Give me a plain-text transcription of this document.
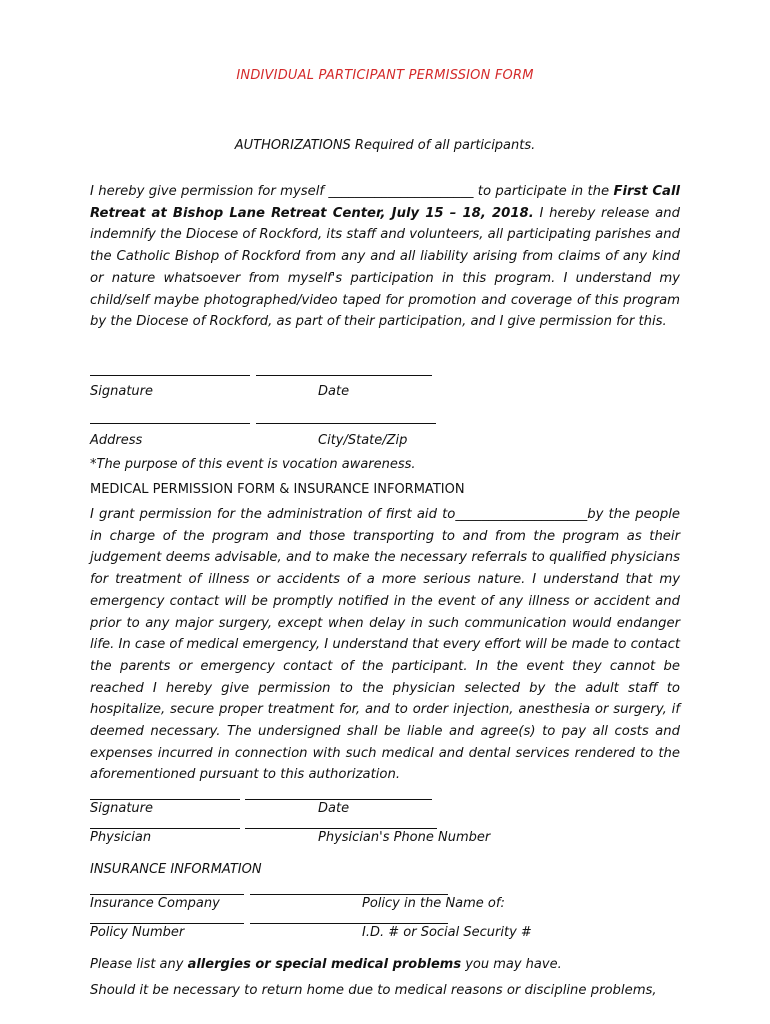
INDIVIDUAL PARTICIPANT PERMISSION FORM
AUTHORIZATIONS Required of all participants.

I hereby give permission for myself ______________________ to participate in the First Call Retreat at Bishop Lane Retreat Center, July 15 – 18, 2018. I hereby release and indemnify the Diocese of Rockford, its staff and volunteers, all participating parishes and the Catholic Bishop of Rockford from any and all liability arising from claims of any kind or nature whatsoever from myself's participation in this program. I understand my child/self maybe photographed/video taped for promotion and coverage of this program by the Diocese of Rockford, as part of their participation, and I give permission for this.

Signature	Date
Address	City/State/Zip
*The purpose of this event is vocation awareness.
MEDICAL PERMISSION FORM & INSURANCE INFORMATION

I grant permission for the administration of first aid to____________________by the people in charge of the program and those transporting to and from the program as their judgement deems advisable, and to make the necessary referrals to qualified physicians for treatment of illness or accidents of a more serious nature. I understand that my emergency contact will be promptly notified in the event of any illness or accident and prior to any major surgery, except when delay in such communication would endanger life. In case of medical emergency, I understand that every effort will be made to contact the parents or emergency contact of the participant. In the event they cannot be reached I hereby give permission to the physician selected by the adult staff to hospitalize, secure proper treatment for, and to order injection, anesthesia or surgery, if deemed necessary. The undersigned shall be liable and agree(s) to pay all costs and expenses incurred in connection with such medical and dental services rendered to the aforementioned pursuant to this authorization.

Signature	Date
Physician	Physician's Phone Number
INSURANCE INFORMATION
Insurance Company	Policy in the Name of:
Policy Number	I.D. # or Social Security #
Please list any allergies or special medical problems you may have.

Should it be necessary to return home due to medical reasons or discipline problems,
